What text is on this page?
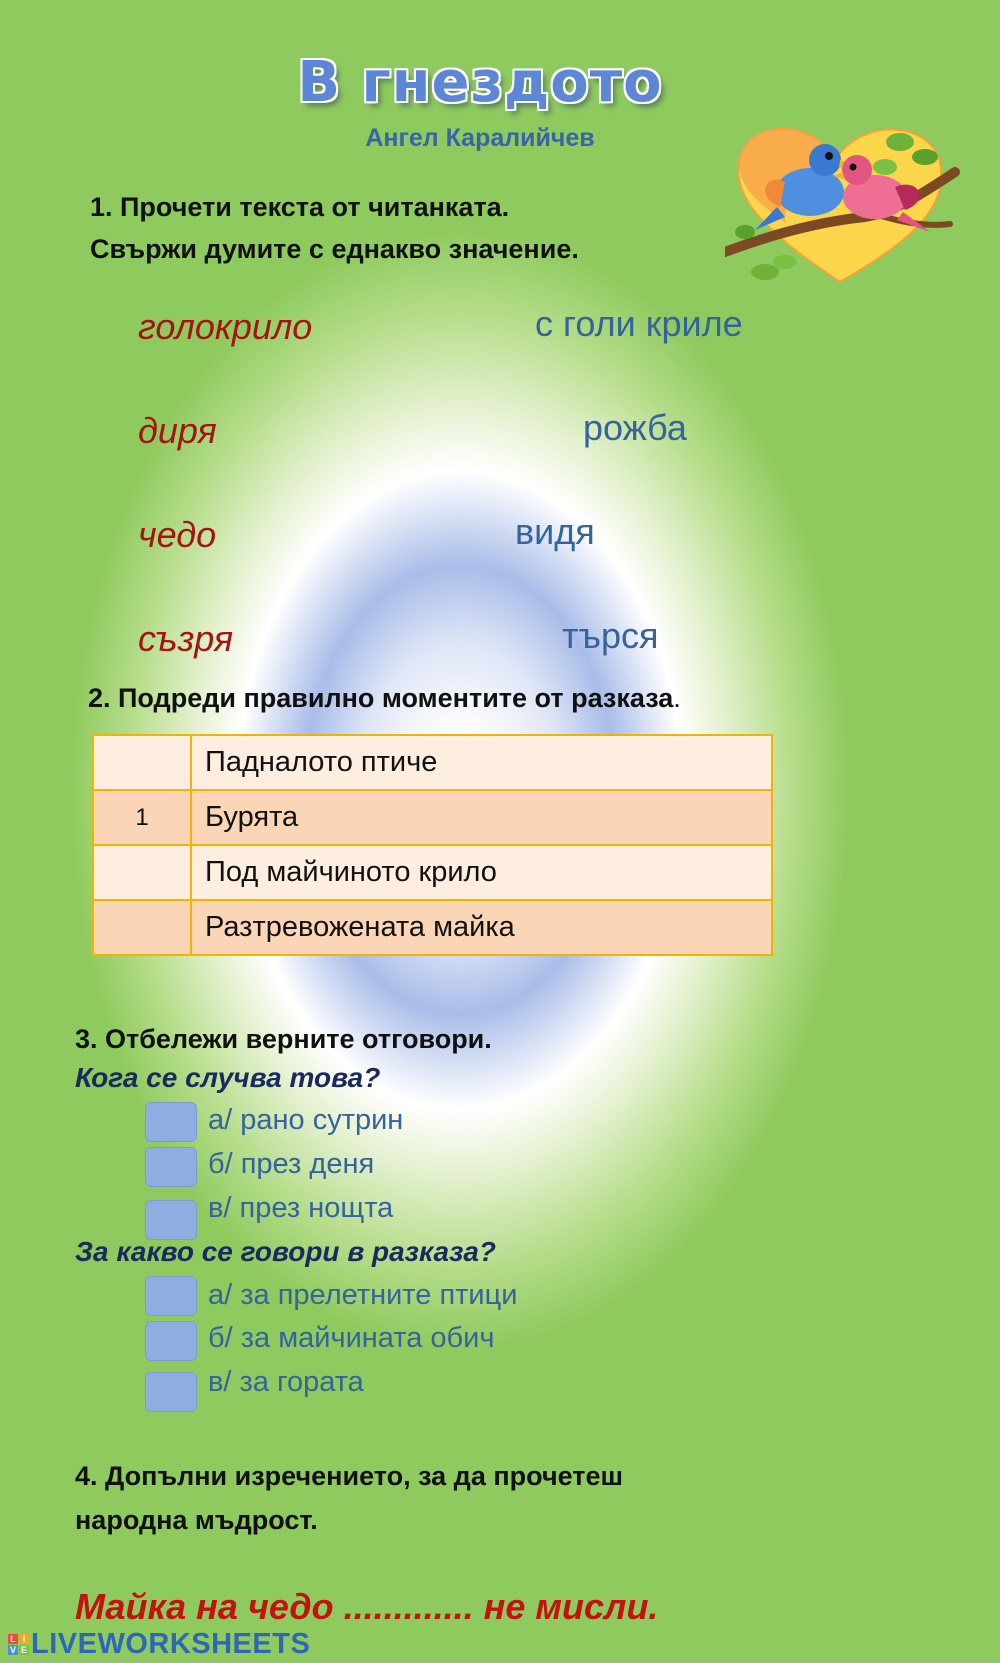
В гнездото
Ангел Каралийчев
1. Прочети текста от читанката.
Свържи думите с еднакво значение.
голокрило
диря
чедо
съзря
с голи криле
рожба
видя
търся
2. Подреди правилно моментите от разказа.
	Падналото птиче
1	Бурята
	Под майчиното крило
	Разтревожената майка
3. Отбележи верните отговори.
Кога се случва това?
а/ рано сутрин
б/ през деня
в/ през нощта
За какво се говори в разказа?
а/ за прелетните птици
б/ за майчината обич
в/ за гората
4. Допълни изречението, за да прочетеш
народна мъдрост.
Майка на чедо ............. не мисли.
L I
V E LIVEWORKSHEETS
